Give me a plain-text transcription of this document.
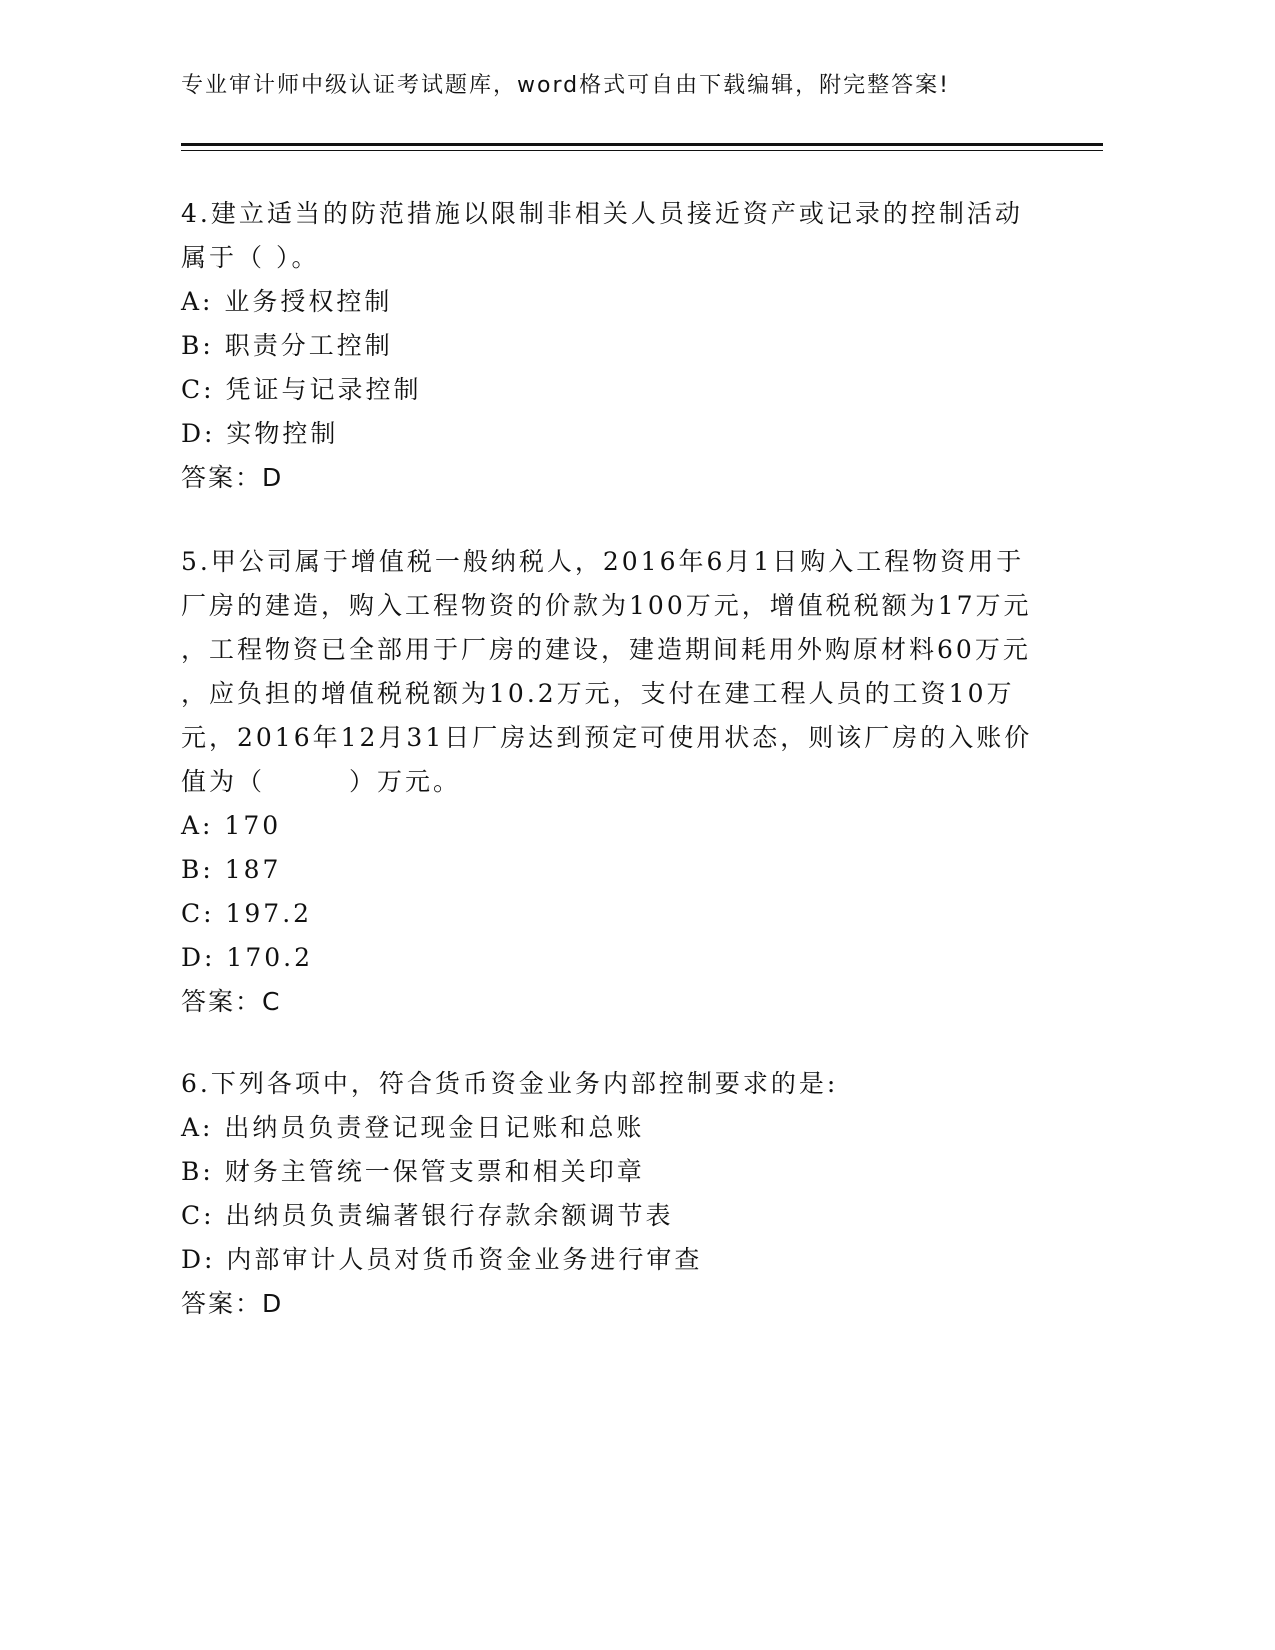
专业审计师中级认证考试题库，word格式可自由下载编辑，附完整答案!

4.建立适当的防范措施以限制非相关人员接近资产或记录的控制活动
属于（ ）。

A: 业务授权控制
B: 职责分工控制
C: 凭证与记录控制
D: 实物控制
答案：D

5.甲公司属于增值税一般纳税人，2016年6月1日购入工程物资用于
厂房的建造，购入工程物资的价款为100万元，增值税税额为17万元
，工程物资已全部用于厂房的建设，建造期间耗用外购原材料60万元
，应负担的增值税税额为10.2万元，支付在建工程人员的工资10万
元，2016年12月31日厂房达到预定可使用状态，则该厂房的入账价
值为（　　　）万元。

A: 170
B: 187
C: 197.2
D: 170.2
答案：C

6.下列各项中，符合货币资金业务内部控制要求的是:

A: 出纳员负责登记现金日记账和总账
B: 财务主管统一保管支票和相关印章
C: 出纳员负责编著银行存款余额调节表
D: 内部审计人员对货币资金业务进行审查
答案：D
